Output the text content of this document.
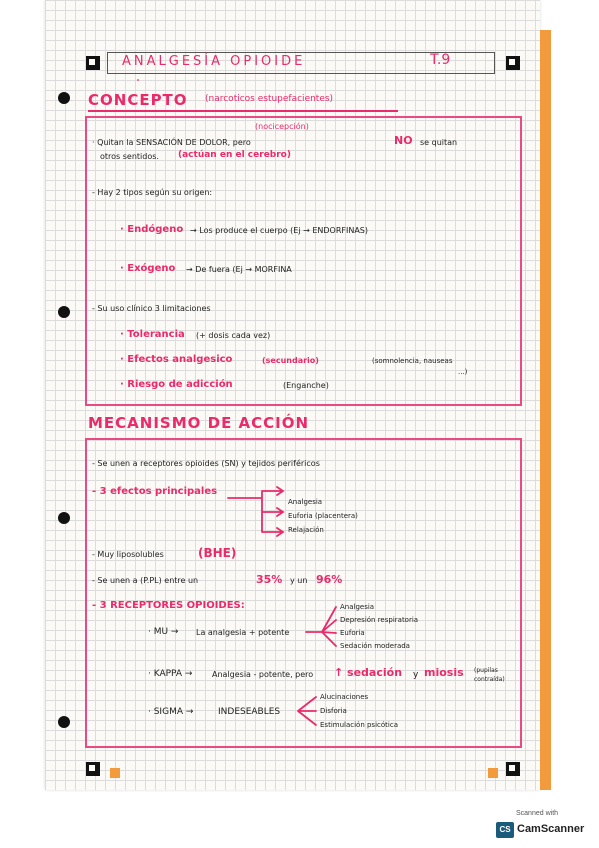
ANALGESÍA OPIOIDE	T.9
CONCEPTO (narcoticos estupefacientes)
(nocicepción)
· Quitan la SENSACIÓN DE DOLOR, pero	NO se quitan
otros sentidos. (actúan en el cerebro)
- Hay 2 tipos según su origen:
· Endógeno → Los produce el cuerpo (Ej → ENDORFINAS)
· Exógeno → De fuera (Ej → MORFINA
- Su uso clínico 3 limitaciones
· Tolerancia (+ dosis cada vez)
· Efectos analgesico	(secundario)	(somnolencia, nauseas
...)
· Riesgo de adicción	(Enganche)
MECANISMO DE ACCIÓN
- Se unen a receptores opioides (SN) y tejidos periféricos
- 3 efectos principales
Analgesia
Euforia (placentera)
Relajación
- Muy liposolubles	(BHE)
- Se unen a (P.PL) entre un	35% y un 96%
- 3 RECEPTORES OPIOIDES:
· MU → La analgesia + potente
Analgesia
Depresión respiratoria
Euforia
Sedación moderada
· KAPPA → Analgesia - potente, pero ↑ sedación y miosis (pupilas contraída)
· SIGMA →	INDESEABLES
Alucinaciones
Disforia
Estimulación psicótica
Scanned with
CS CamScanner
